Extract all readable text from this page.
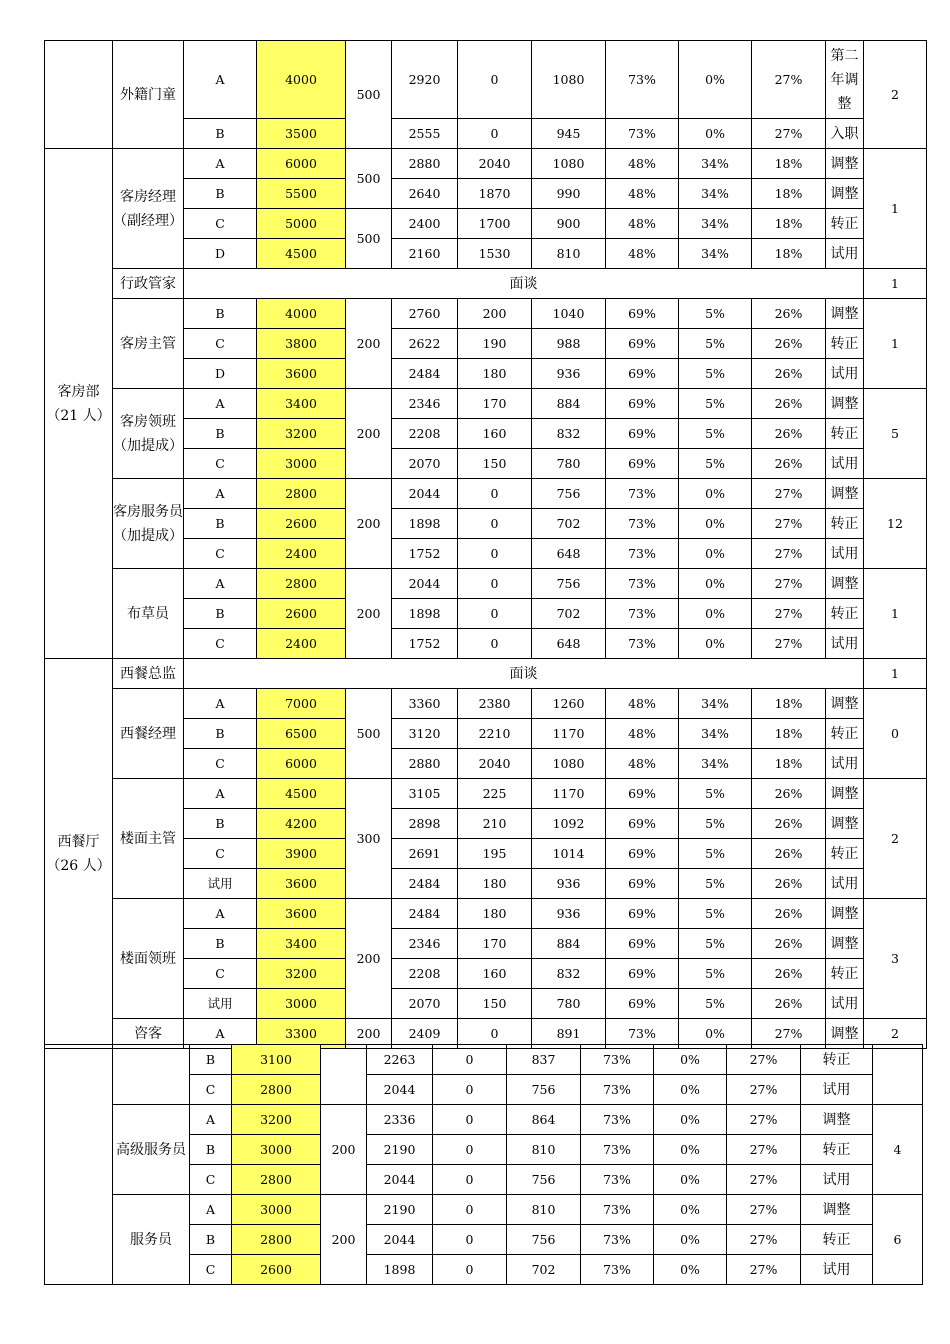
	外籍门童	A	4000	500	2920	0	1080	73%	0%	27%	第二年调整	2
		B	3500		2555	0	945	73%	0%	27%	入职	
客房部（21 人）	客房经理（副经理）	A	6000	500	2880	2040	1080	48%	34%	18%	调整	1
		B	5500		2640	1870	990	48%	34%	18%	调整	
		C	5000	500	2400	1700	900	48%	34%	18%	转正	
		D	4500		2160	1530	810	48%	34%	18%	试用	
	行政管家	面谈										1
	客房主管	B	4000	200	2760	200	1040	69%	5%	26%	调整	1
		C	3800		2622	190	988	69%	5%	26%	转正	
		D	3600		2484	180	936	69%	5%	26%	试用	
	客房领班（加提成）	A	3400	200	2346	170	884	69%	5%	26%	调整	5
		B	3200		2208	160	832	69%	5%	26%	转正	
		C	3000		2070	150	780	69%	5%	26%	试用	
	客房服务员（加提成）	A	2800	200	2044	0	756	73%	0%	27%	调整	12
		B	2600		1898	0	702	73%	0%	27%	转正	
		C	2400		1752	0	648	73%	0%	27%	试用	
	布草员	A	2800	200	2044	0	756	73%	0%	27%	调整	1
		B	2600		1898	0	702	73%	0%	27%	转正	
		C	2400		1752	0	648	73%	0%	27%	试用	
西餐厅（26 人）	西餐总监	面谈										1
	西餐经理	A	7000	500	3360	2380	1260	48%	34%	18%	调整	0
		B	6500		3120	2210	1170	48%	34%	18%	转正	
		C	6000		2880	2040	1080	48%	34%	18%	试用	
	楼面主管	A	4500	300	3105	225	1170	69%	5%	26%	调整	2
		B	4200		2898	210	1092	69%	5%	26%	调整	
		C	3900		2691	195	1014	69%	5%	26%	转正	
		试用	3600		2484	180	936	69%	5%	26%	试用	
	楼面领班	A	3600	200	2484	180	936	69%	5%	26%	调整	3
		B	3400		2346	170	884	69%	5%	26%	调整	
		C	3200		2208	160	832	69%	5%	26%	转正	
		试用	3000		2070	150	780	69%	5%	26%	试用	
	咨客	A	3300	200	2409	0	891	73%	0%	27%	调整	2
		B	3100		2263	0	837	73%	0%	27%	转正	
		C	2800		2044	0	756	73%	0%	27%	试用	
	高级服务员	A	3200	200	2336	0	864	73%	0%	27%	调整	4
		B	3000		2190	0	810	73%	0%	27%	转正	
		C	2800		2044	0	756	73%	0%	27%	试用	
	服务员	A	3000	200	2190	0	810	73%	0%	27%	调整	6
		B	2800		2044	0	756	73%	0%	27%	转正	
		C	2600		1898	0	702	73%	0%	27%	试用	
